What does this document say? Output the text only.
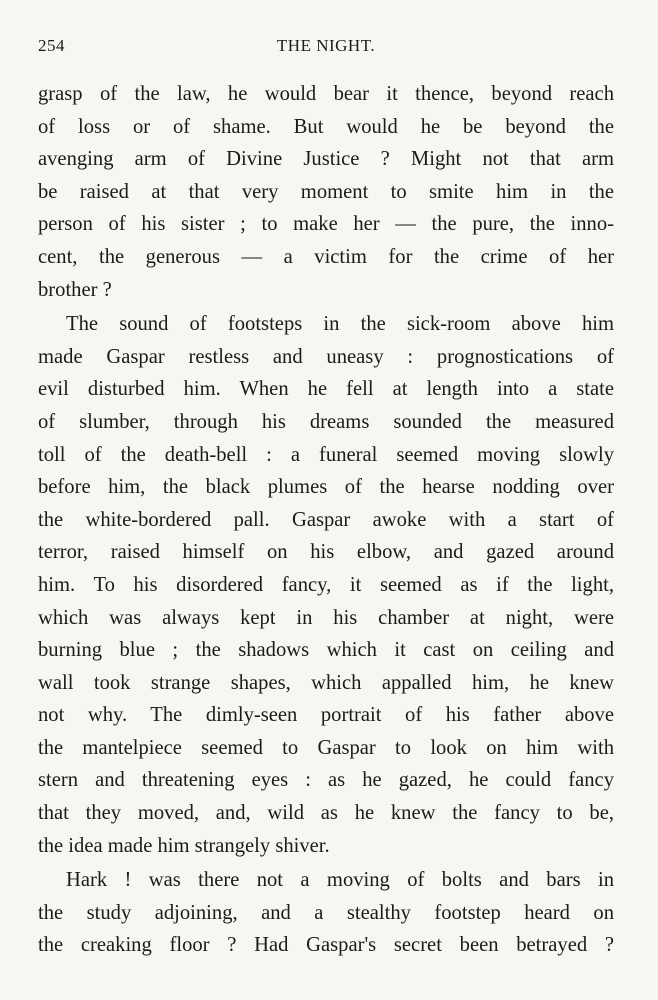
254	THE NIGHT.
grasp of the law, he would bear it thence, beyond reach
of loss or of shame. But would he be beyond the
avenging arm of Divine Justice ? Might not that arm
be raised at that very moment to smite him in the
person of his sister ; to make her — the pure, the inno-
cent, the generous — a victim for the crime of her
brother ?
The sound of footsteps in the sick-room above him
made Gaspar restless and uneasy : prognostications of
evil disturbed him. When he fell at length into a state
of slumber, through his dreams sounded the measured
toll of the death-bell : a funeral seemed moving slowly
before him, the black plumes of the hearse nodding over
the white-bordered pall. Gaspar awoke with a start of
terror, raised himself on his elbow, and gazed around
him. To his disordered fancy, it seemed as if the light,
which was always kept in his chamber at night, were
burning blue ; the shadows which it cast on ceiling and
wall took strange shapes, which appalled him, he knew
not why. The dimly-seen portrait of his father above
the mantelpiece seemed to Gaspar to look on him with
stern and threatening eyes : as he gazed, he could fancy
that they moved, and, wild as he knew the fancy to be,
the idea made him strangely shiver.
Hark ! was there not a moving of bolts and bars in
the study adjoining, and a stealthy footstep heard on
the creaking floor ? Had Gaspar's secret been betrayed ?
